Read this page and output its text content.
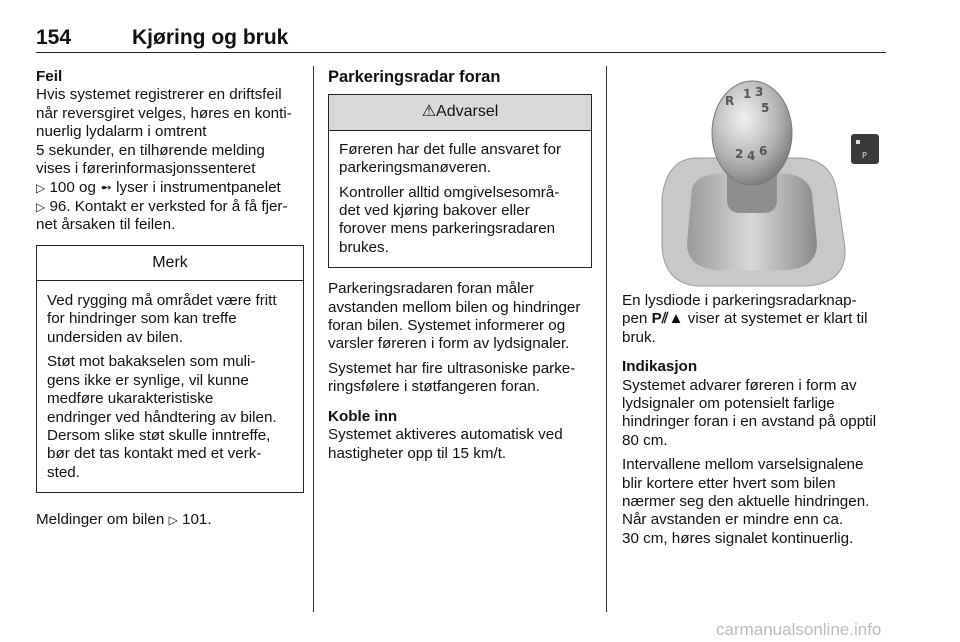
154	Kjøring og bruk

Feil

Hvis systemet registrerer en driftsfeil

når reversgiret velges, høres en konti-

nuerlig lydalarm i omtrent

5 sekunder, en tilhørende melding

vises i førerinformasjonssenteret

▷ 100 og ➻ lyser i instrumentpanelet

▷ 96. Kontakt er verksted for å få fjer-

net årsaken til feilen.

Merk

Ved rygging må området være fritt
for hindringer som kan treffe
undersiden av bilen.

Støt mot bakakselen som muli-
gens ikke er synlige, vil kunne
medføre ukarakteristiske
endringer ved håndtering av bilen.
Dersom slike støt skulle inntreffe,
bør det tas kontakt med et verk-
sted.

Meldinger om bilen ▷ 101.

Parkeringsradar foran

⚠Advarsel

Føreren har det fulle ansvaret for
parkeringsmanøveren.

Kontroller alltid omgivelsesområ-
det ved kjøring bakover eller
forover mens parkeringsradaren
brukes.

Parkeringsradaren foran måler
avstanden mellom bilen og hindringer
foran bilen. Systemet informerer og
varsler føreren i form av lydsignaler.

Systemet har fire ultrasoniske parke-
ringsfølere i støtfangeren foran.

Koble inn

Systemet aktiveres automatisk ved
hastigheter opp til 15 km/t.

R 1 3
5
2 4 6	P

En lysdiode i parkeringsradarknap-
pen P⫽▲ viser at systemet er klart til
bruk.

Indikasjon

Systemet advarer føreren i form av
lydsignaler om potensielt farlige
hindringer foran i en avstand på opptil
80 cm.

Intervallene mellom varselsignalene
blir kortere etter hvert som bilen
nærmer seg den aktuelle hindringen.
Når avstanden er mindre enn ca.
30 cm, høres signalet kontinuerlig.

carmanualsonline.info
